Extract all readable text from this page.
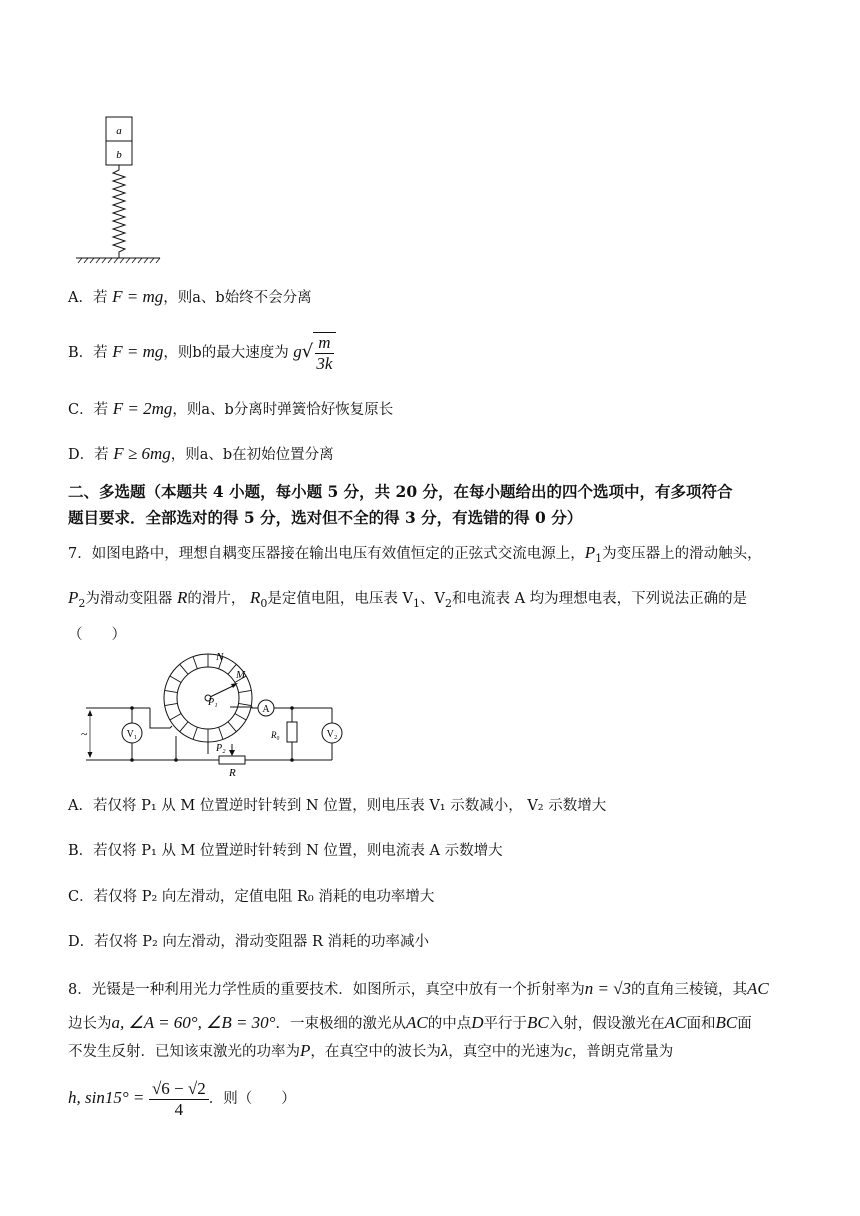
a
b
A．若 F = mg，则a、b始终不会分离
B．若 F = mg，则b的最大速度为 $g√ \frac{m}{3k}$
C．若 F = 2mg，则a、b分离时弹簧恰好恢复原长
D．若 F ≥ 6mg，则a、b在初始位置分离
二、多选题（本题共 4 小题，每小题 5 分，共 20 分，在每小题给出的四个选项中，有多项符合
题目要求．全部选对的得 5 分，选对但不全的得 3 分，有选错的得 0 分）
7．如图电路中，理想自耦变压器接在输出电压有效值恒定的正弦式交流电源上，$P_1$为变压器上的滑动触头，
$P_2$为滑动变阻器 R的滑片， $R_0$是定值电阻，电压表 $V_1$、$V_2$和电流表 A 均为理想电表，下列说法正确的是
（　　）
N
M
P₁
~	V₁
A
R₀	V₂
P₂
R
A．若仅将 P₁ 从 M 位置逆时针转到 N 位置，则电压表 V₁ 示数减小， V₂ 示数增大
B．若仅将 P₁ 从 M 位置逆时针转到 N 位置，则电流表 A 示数增大
C．若仅将 P₂ 向左滑动，定值电阻 R₀ 消耗的电功率增大
D．若仅将 P₂ 向左滑动，滑动变阻器 R 消耗的功率减小
8．光镊是一种利用光力学性质的重要技术．如图所示，真空中放有一个折射率为n = √3的直角三棱镜，其AC
边长为a, ∠A = 60°, ∠B = 30°．一束极细的激光从AC的中点D平行于BC入射，假设激光在AC面和BC面
不发生反射．已知该束激光的功率为P，在真空中的波长为λ，真空中的光速为c，普朗克常量为
h, $\sin 15^\circ = \frac{√6 - √2}{4}$ ．则（　　）
